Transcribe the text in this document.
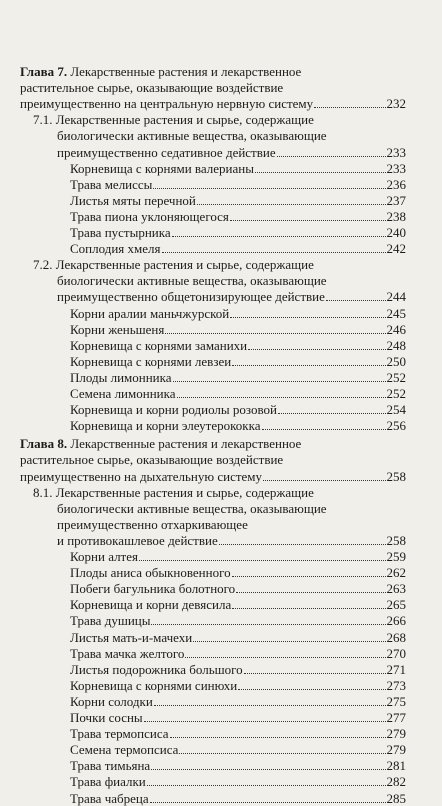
Глава 7. Лекарственные растения и лекарственное
растительное сырье, оказывающие воздействие
преимущественно на центральную нервную систему	232
7.1. Лекарственные растения и сырье, содержащие
биологически активные вещества, оказывающие
преимущественно седативное действие	233
Корневища с корнями валерианы	233
Трава мелиссы	236
Листья мяты перечной	237
Трава пиона уклоняющегося	238
Трава пустырника	240
Соплодия хмеля	242
7.2. Лекарственные растения и сырье, содержащие
биологически активные вещества, оказывающие
преимущественно общетонизирующее действие	244
Корни аралии маньчжурской	245
Корни женьшеня	246
Корневища с корнями заманихи	248
Корневища с корнями левзеи	250
Плоды лимонника	252
Семена лимонника	252
Корневища и корни родиолы розовой	254
Корневища и корни элеутерококка	256
Глава 8. Лекарственные растения и лекарственное
растительное сырье, оказывающие воздействие
преимущественно на дыхательную систему	258
8.1. Лекарственные растения и сырье, содержащие
биологически активные вещества, оказывающие
преимущественно отхаркивающее
и противокашлевое действие	258
Корни алтея	259
Плоды аниса обыкновенного	262
Побеги багульника болотного	263
Корневища и корни девясила	265
Трава душицы	266
Листья мать-и-мачехи	268
Трава мачка желтого	270
Листья подорожника большого	271
Корневища с корнями синюхи	273
Корни солодки	275
Почки сосны	277
Трава термопсиса	279
Семена термопсиса	279
Трава тимьяна	281
Трава фиалки	282
Трава чабреца	285
